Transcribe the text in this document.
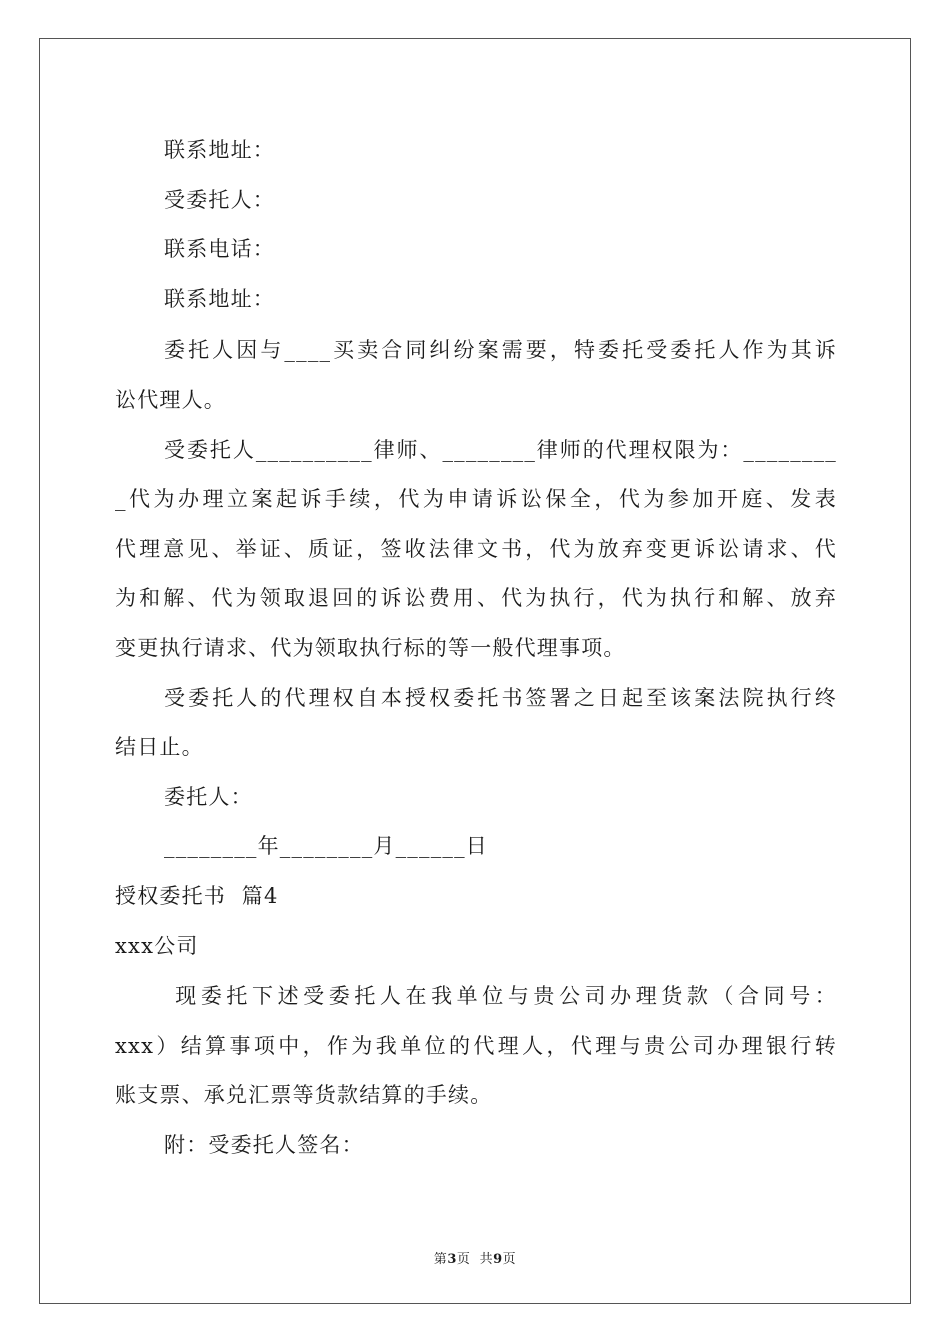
联系地址：
受委托人：
联系电话：
联系地址：
委托人因与____买卖合同纠纷案需要，特委托受委托人作为其诉
讼代理人。
受委托人__________律师、________律师的代理权限为：________
_代为办理立案起诉手续，代为申请诉讼保全，代为参加开庭、发表
代理意见、举证、质证，签收法律文书，代为放弃变更诉讼请求、代
为和解、代为领取退回的诉讼费用、代为执行，代为执行和解、放弃
变更执行请求、代为领取执行标的等一般代理事项。
受委托人的代理权自本授权委托书签署之日起至该案法院执行终
结日止。
委托人：
________年________月______日
授权委托书  篇4
xxx公司
现委托下述受委托人在我单位与贵公司办理货款（合同号：
xxx）结算事项中，作为我单位的代理人，代理与贵公司办理银行转
账支票、承兑汇票等货款结算的手续。
附：受委托人签名：
第3页  共9页
